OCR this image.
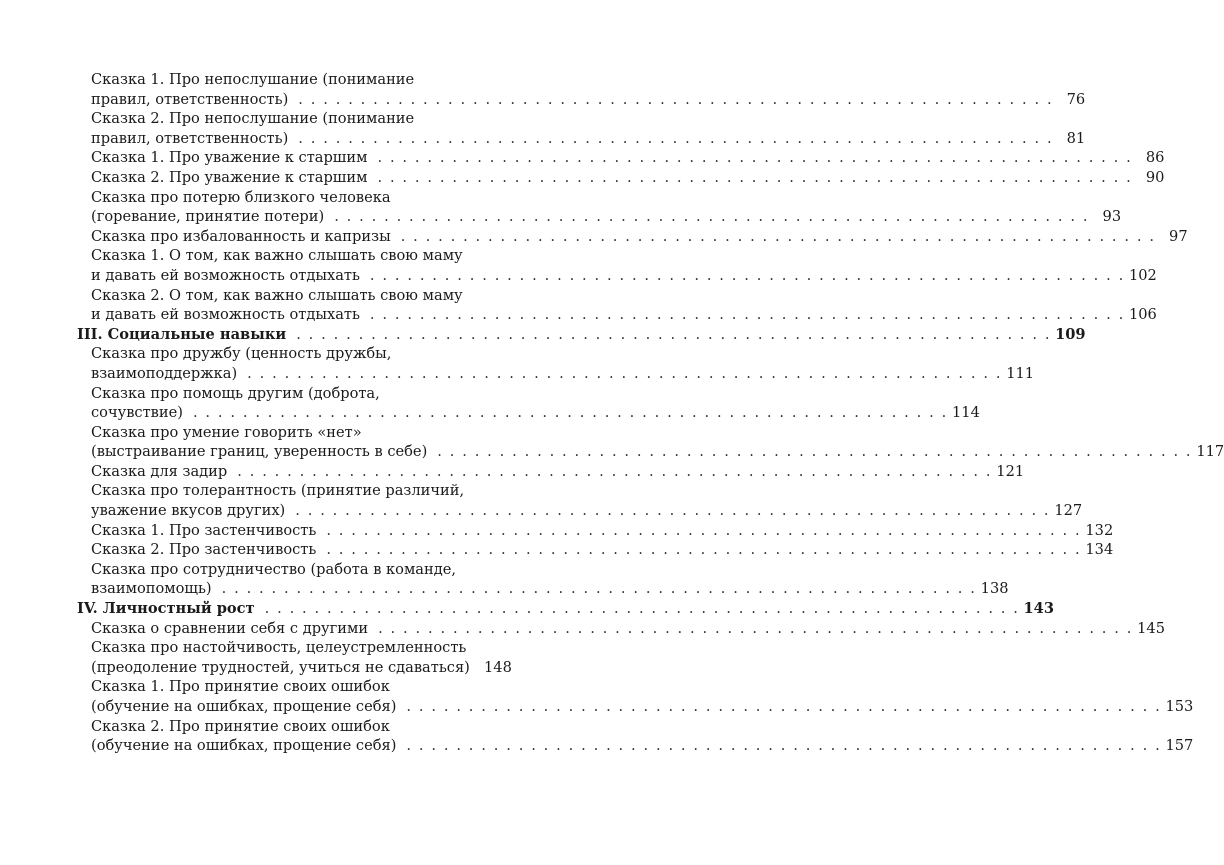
Сказка 1. Про непослушание (понимание
правил, ответственность) . . . . . . . . . . . . . . . . . . . . . . . . . . . . . . . . . . . . . . . . . . . . . . . . . . . . . . . . . . . . . 76
Сказка 2. Про непослушание (понимание
правил, ответственность) . . . . . . . . . . . . . . . . . . . . . . . . . . . . . . . . . . . . . . . . . . . . . . . . . . . . . . . . . . . . . 81
Сказка 1. Про уважение к старшим . . . . . . . . . . . . . . . . . . . . . . . . . . . . . . . . . . . . . . . . . . . . . . . . . . . . . . . . . . . . . 86
Сказка 2. Про уважение к старшим . . . . . . . . . . . . . . . . . . . . . . . . . . . . . . . . . . . . . . . . . . . . . . . . . . . . . . . . . . . . . 90
Сказка про потерю близкого человека
(горевание, принятие потери) . . . . . . . . . . . . . . . . . . . . . . . . . . . . . . . . . . . . . . . . . . . . . . . . . . . . . . . . . . . . . 93
Сказка про избалованность и капризы . . . . . . . . . . . . . . . . . . . . . . . . . . . . . . . . . . . . . . . . . . . . . . . . . . . . . . . . . . . . . 97
Сказка 1. О том, как важно слышать свою маму
и давать ей возможность отдыхать . . . . . . . . . . . . . . . . . . . . . . . . . . . . . . . . . . . . . . . . . . . . . . . . . . . . . . . . . . . . . 102
Сказка 2. О том, как важно слышать свою маму
и давать ей возможность отдыхать . . . . . . . . . . . . . . . . . . . . . . . . . . . . . . . . . . . . . . . . . . . . . . . . . . . . . . . . . . . . . 106
III. Социальные навыки . . . . . . . . . . . . . . . . . . . . . . . . . . . . . . . . . . . . . . . . . . . . . . . . . . . . . . . . . . . . . 109
Сказка про дружбу (ценность дружбы,
взаимоподдержка) . . . . . . . . . . . . . . . . . . . . . . . . . . . . . . . . . . . . . . . . . . . . . . . . . . . . . . . . . . . . . 111
Сказка про помощь другим (доброта,
сочувствие) . . . . . . . . . . . . . . . . . . . . . . . . . . . . . . . . . . . . . . . . . . . . . . . . . . . . . . . . . . . . . 114
Сказка про умение говорить «нет»
(выстраивание границ, уверенность в себе) . . . . . . . . . . . . . . . . . . . . . . . . . . . . . . . . . . . . . . . . . . . . . . . . . . . . . . . . . . . . . 117
Сказка для задир . . . . . . . . . . . . . . . . . . . . . . . . . . . . . . . . . . . . . . . . . . . . . . . . . . . . . . . . . . . . . 121
Сказка про толерантность (принятие различий,
уважение вкусов других) . . . . . . . . . . . . . . . . . . . . . . . . . . . . . . . . . . . . . . . . . . . . . . . . . . . . . . . . . . . . . 127
Сказка 1. Про застенчивость . . . . . . . . . . . . . . . . . . . . . . . . . . . . . . . . . . . . . . . . . . . . . . . . . . . . . . . . . . . . . 132
Сказка 2. Про застенчивость . . . . . . . . . . . . . . . . . . . . . . . . . . . . . . . . . . . . . . . . . . . . . . . . . . . . . . . . . . . . . 134
Сказка про сотрудничество (работа в команде,
взаимопомощь) . . . . . . . . . . . . . . . . . . . . . . . . . . . . . . . . . . . . . . . . . . . . . . . . . . . . . . . . . . . . . 138
IV. Личностный рост . . . . . . . . . . . . . . . . . . . . . . . . . . . . . . . . . . . . . . . . . . . . . . . . . . . . . . . . . . . . . 143
Сказка о сравнении себя с другими . . . . . . . . . . . . . . . . . . . . . . . . . . . . . . . . . . . . . . . . . . . . . . . . . . . . . . . . . . . . . 145
Сказка про настойчивость, целеустремленность
(преодоление трудностей, учиться не сдаваться) 148
Сказка 1. Про принятие своих ошибок
(обучение на ошибках, прощение себя) . . . . . . . . . . . . . . . . . . . . . . . . . . . . . . . . . . . . . . . . . . . . . . . . . . . . . . . . . . . . . 153
Сказка 2. Про принятие своих ошибок
(обучение на ошибках, прощение себя) . . . . . . . . . . . . . . . . . . . . . . . . . . . . . . . . . . . . . . . . . . . . . . . . . . . . . . . . . . . . . 157
